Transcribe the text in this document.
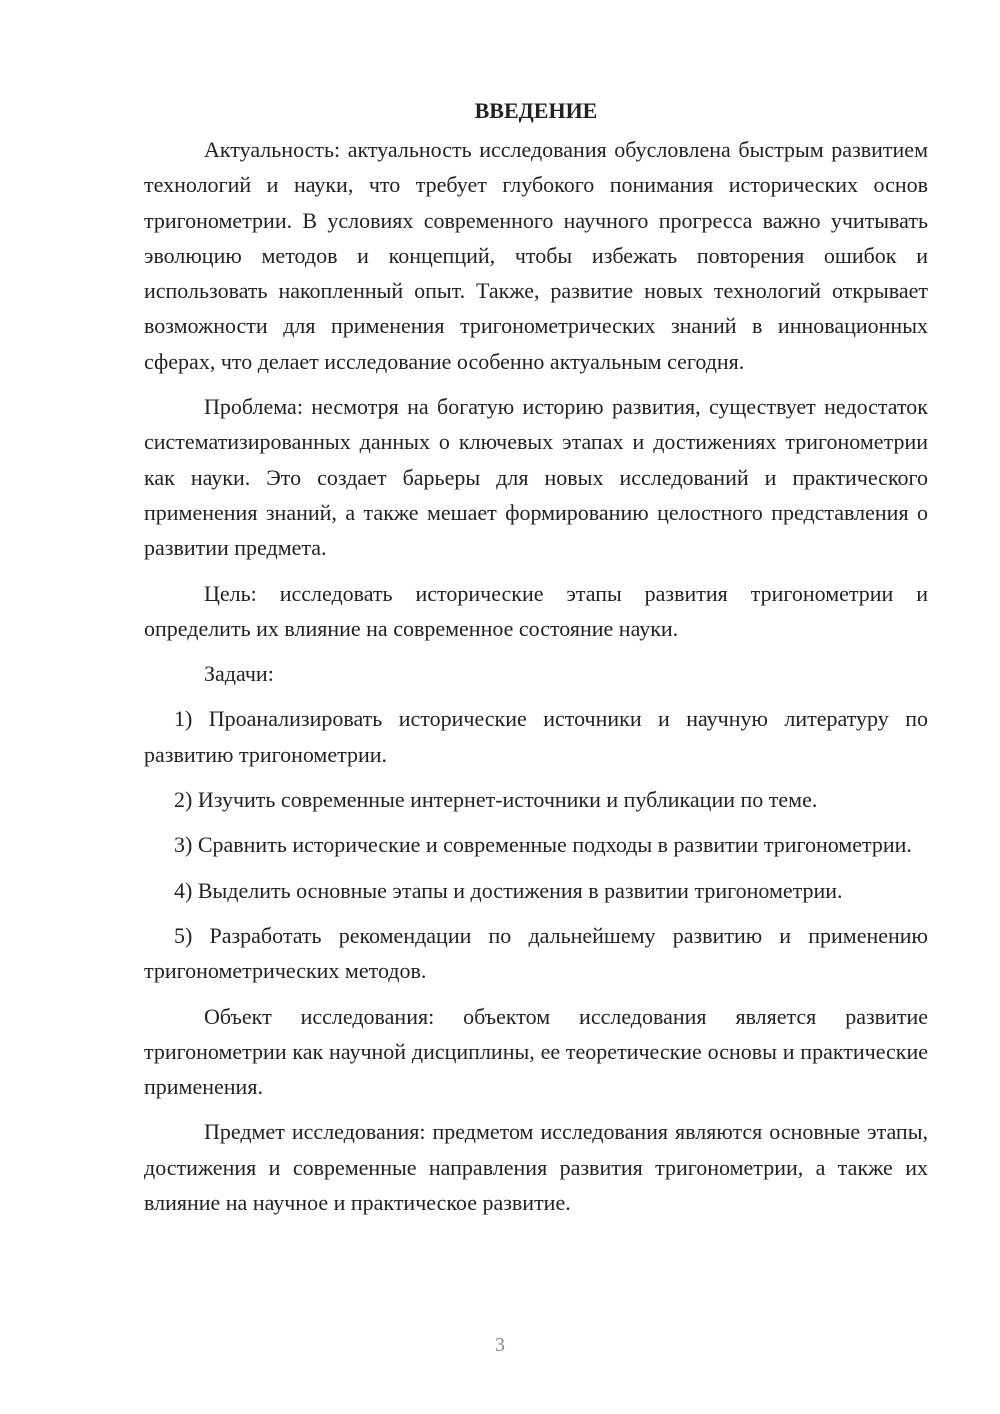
ВВЕДЕНИЕ

Актуальность: актуальность исследования обусловлена быстрым развитием технологий и науки, что требует глубокого понимания исторических основ тригонометрии. В условиях современного научного прогресса важно учитывать эволюцию методов и концепций, чтобы избежать повторения ошибок и использовать накопленный опыт. Также, развитие новых технологий открывает возможности для применения тригонометрических знаний в инновационных сферах, что делает исследование особенно актуальным сегодня.

Проблема: несмотря на богатую историю развития, существует недостаток систематизированных данных о ключевых этапах и достижениях тригонометрии как науки. Это создает барьеры для новых исследований и практического применения знаний, а также мешает формированию целостного представления о развитии предмета.

Цель: исследовать исторические этапы развития тригонометрии и определить их влияние на современное состояние науки.

Задачи:

1) Проанализировать исторические источники и научную литературу по развитию тригонометрии.

2) Изучить современные интернет-источники и публикации по теме.

3) Сравнить исторические и современные подходы в развитии тригонометрии.

4) Выделить основные этапы и достижения в развитии тригонометрии.

5) Разработать рекомендации по дальнейшему развитию и применению тригонометрических методов.

Объект исследования: объектом исследования является развитие тригонометрии как научной дисциплины, ее теоретические основы и практические применения.

Предмет исследования: предметом исследования являются основные этапы, достижения и современные направления развития тригонометрии, а также их влияние на научное и практическое развитие.

3
